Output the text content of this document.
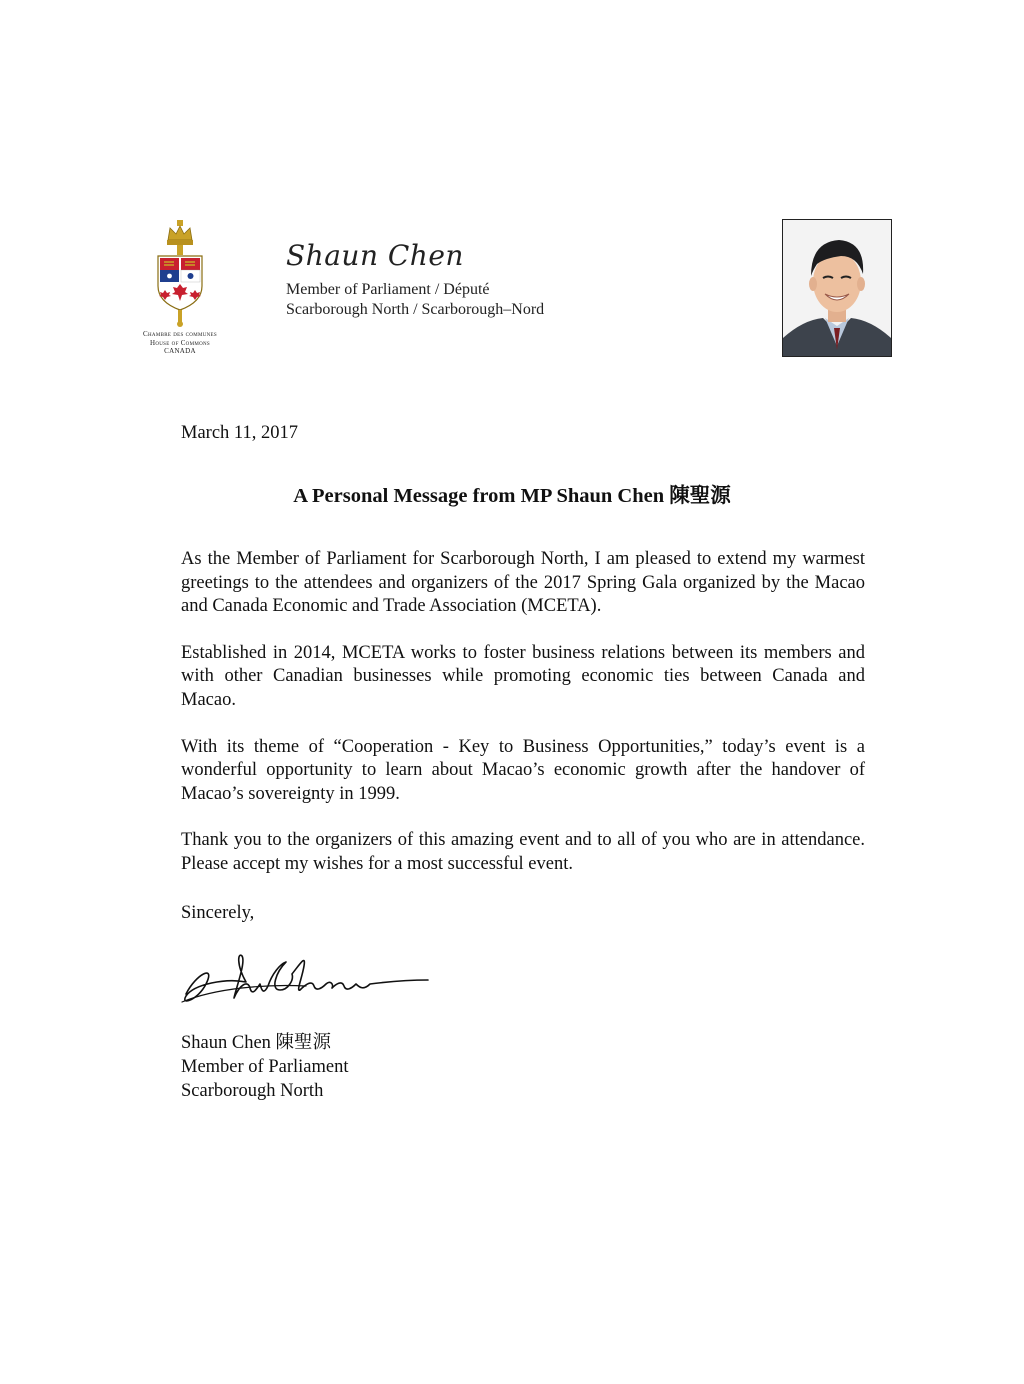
Chambre des communes
House of Commons
CANADA
Shaun Chen
Member of Parliament / Député
Scarborough North / Scarborough–Nord
March 11, 2017
A Personal Message from MP Shaun Chen 陳聖源

As the Member of Parliament for Scarborough North, I am pleased to extend my warmest greetings to the attendees and organizers of the 2017 Spring Gala organized by the Macao and Canada Economic and Trade Association (MCETA).

Established in 2014, MCETA works to foster business relations between its members and with other Canadian businesses while promoting economic ties between Canada and Macao.

With its theme of “Cooperation - Key to Business Opportunities,” today’s event is a wonderful opportunity to learn about Macao’s economic growth after the handover of Macao’s sovereignty in 1999.

Thank you to the organizers of this amazing event and to all of you who are in attendance. Please accept my wishes for a most successful event.

Sincerely,
Shaun Chen 陳聖源
Member of Parliament
Scarborough North
